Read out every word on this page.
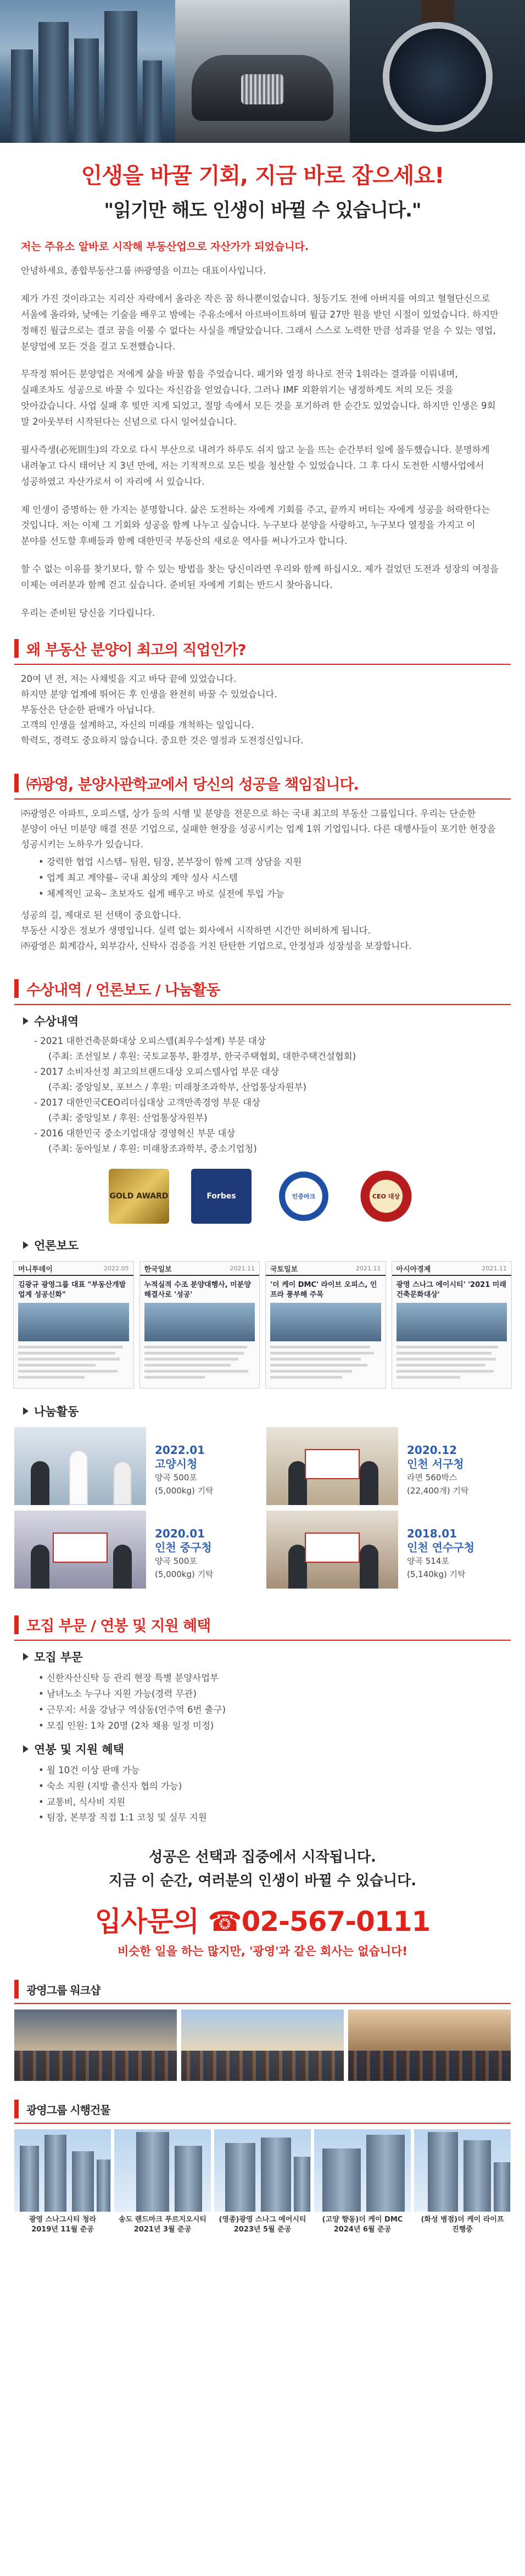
인생을 바꿀 기회, 지금 바로 잡으세요!
"읽기만 해도 인생이 바뀔 수 있습니다."
저는 주유소 알바로 시작해 부동산업으로 자산가가 되었습니다.

안녕하세요, 종합부동산그룹 ㈜광영을 이끄는 대표이사입니다.

제가 가진 것이라고는 지리산 자락에서 올라온 작은 꿈 하나뿐이었습니다. 청등기도 전에 아버지를 여의고 혈혈단신으로 서울에 올라와, 낮에는 기술을 배우고 밤에는 주유소에서 아르바이트하며 월급 27만 원을 받던 시절이 있었습니다. 하지만 정해진 월급으로는 결코 꿈을 이룰 수 없다는 사실을 깨달았습니다. 그래서 스스로 노력한 만큼 성과를 얻을 수 있는 영업, 분양업에 모든 것을 걸고 도전했습니다.

무작정 뛰어든 분양업은 저에게 삶을 바꿀 힘을 주었습니다. 패기와 열정 하나로 전국 1위라는 결과를 이뤄내며, 실패조차도 성공으로 바꿀 수 있다는 자신감을 얻었습니다. 그러나 IMF 외환위기는 냉정하게도 저의 모든 것을 앗아갔습니다. 사업 실패 후 빚만 지게 되었고, 절망 속에서 모든 것을 포기하려 한 순간도 있었습니다. 하지만 인생은 9회 말 2아웃부터 시작된다는 신념으로 다시 일어섰습니다.

필사즉생(必死則生)의 각오로 다시 부산으로 내려가 하루도 쉬지 않고 눈을 뜨는 순간부터 일에 몰두했습니다. 분명하게 내려놓고 다시 태어난 지 3년 만에, 저는 기적적으로 모든 빚을 청산할 수 있었습니다. 그 후 다시 도전한 시행사업에서 성공하였고 자산가로서 이 자리에 서 있습니다.

제 인생이 증명하는 한 가지는 분명합니다. 삶은 도전하는 자에게 기회를 주고, 끝까지 버티는 자에게 성공을 허락한다는 것입니다. 저는 이제 그 기회와 성공을 함께 나누고 싶습니다. 누구보다 분양을 사랑하고, 누구보다 열정을 가지고 이 분야를 선도할 후배들과 함께 대한민국 부동산의 새로운 역사를 써나가고자 합니다.

할 수 없는 이유를 찾기보다, 할 수 있는 방법을 찾는 당신이라면 우리와 함께 하십시오. 제가 걸었던 도전과 성장의 여정을 이제는 여러분과 함께 걷고 싶습니다. 준비된 자에게 기회는 반드시 찾아옵니다.

우리는 준비된 당신을 기다립니다.

왜 부동산 분양이 최고의 직업인가?

20여 년 전, 저는 사채빚을 지고 바닥 끝에 있었습니다.

하지만 분양 업계에 뛰어든 후 인생을 완전히 바꿀 수 있었습니다.

부동산은 단순한 판매가 아닙니다.

고객의 인생을 설계하고, 자신의 미래를 개척하는 일입니다.

학력도, 경력도 중요하지 않습니다. 중요한 것은 열정과 도전정신입니다.

㈜광영, 분양사관학교에서 당신의 성공을 책임집니다.

㈜광영은 아파트, 오피스텔, 상가 등의 시행 및 분양을 전문으로 하는 국내 최고의 부동산 그룹입니다. 우리는 단순한 분양이 아닌 미분양 해결 전문 기업으로, 실패한 현장을 성공시키는 업계 1위 기업입니다. 다른 대행사들이 포기한 현장을 성공시키는 노하우가 있습니다.

• 강력한 협업 시스템– 팀원, 팀장, 본부장이 함께 고객 상담을 지원
• 업계 최고 계약률– 국내 최상의 계약 성사 시스템
• 체계적인 교육– 초보자도 쉽게 배우고 바로 실전에 투입 가능

성공의 길, 제대로 된 선택이 중요합니다.

부동산 시장은 정보가 생명입니다. 실력 없는 회사에서 시작하면 시간만 허비하게 됩니다.

㈜광영은 회계감사, 외부감사, 신탁사 검증을 거친 탄탄한 기업으로, 안정성과 성장성을 보장합니다.

수상내역 / 언론보도 / 나눔활동
수상내역
- 2021 대한건축문화대상 오피스텔(최우수설계) 부문 대상
(주최: 조선일보 / 후원: 국토교통부, 환경부, 한국주택협회, 대한주택건설협회)
- 2017 소비자선정 최고의브랜드대상 오피스텔사업 부문 대상
(주최: 중앙일보, 포브스 / 후원: 미래창조과학부, 산업통상자원부)
- 2017 대한민국CEO리더십대상 고객만족경영 부문 대상
(주최: 중앙일보 / 후원: 산업통상자원부)
- 2016 대한민국 중소기업대상 경영혁신 부문 대상
(주최: 동아일보 / 후원: 미래창조과학부, 중소기업청)
GOLD AWARD	Forbes	인증마크	CEO 대상
언론보도
머니투데이	2022.05
김광규 광영그룹 대표 "부동산개발업계 성공신화"
한국일보	2021.11
누적실적 수조 분양대행사, 미분양 해결사로 '성공'
국토일보	2021.11
'더 케이 DMC' 라이브 오피스, 인프라 풍부해 주목
아시아경제	2021.11
광영 스나그 에이시티' '2021 미래건축문화대상'
나눔활동
2022.01
고양시청
양곡 500포
(5,000kg) 기탁
2020.12
인천 서구청
라면 560박스
(22,400개) 기탁
2020.01
인천 중구청
양곡 500포
(5,000kg) 기탁
2018.01
인천 연수구청
양곡 514포
(5,140kg) 기탁
모집 부문 / 연봉 및 지원 혜택
모집 부문
• 신한자산신탁 등 관리 현장 특별 분양사업부
• 남녀노소 누구나 지원 가능(경력 무관)
• 근무지: 서울 강남구 역삼동(언주역 6번 출구)
• 모집 인원: 1차 20명 (2차 채용 일정 미정)
연봉 및 지원 혜택
• 월 10건 이상 판매 가능
• 숙소 지원 (지방 출신자 협의 가능)
• 교통비, 식사비 지원
• 팀장, 본부장 직접 1:1 코칭 및 실무 지원
성공은 선택과 집중에서 시작됩니다.
지금 이 순간, 여러분의 인생이 바뀔 수 있습니다.
입사문의 ☎02-567-0111
비슷한 일을 하는 많지만, '광영'과 같은 회사는 없습니다!
광영그룹 워크샵
광영그룹 시행건물
광영 스나그시티 청라
2019년 11월 준공
송도 랜드마크 푸르지오시티
2021년 3월 준공
(영종)광영 스나그 에어시티
2023년 5월 준공
(고양 향동)더 케이 DMC
2024년 6월 준공
(화성 병점)더 케이 라이프
진행중
